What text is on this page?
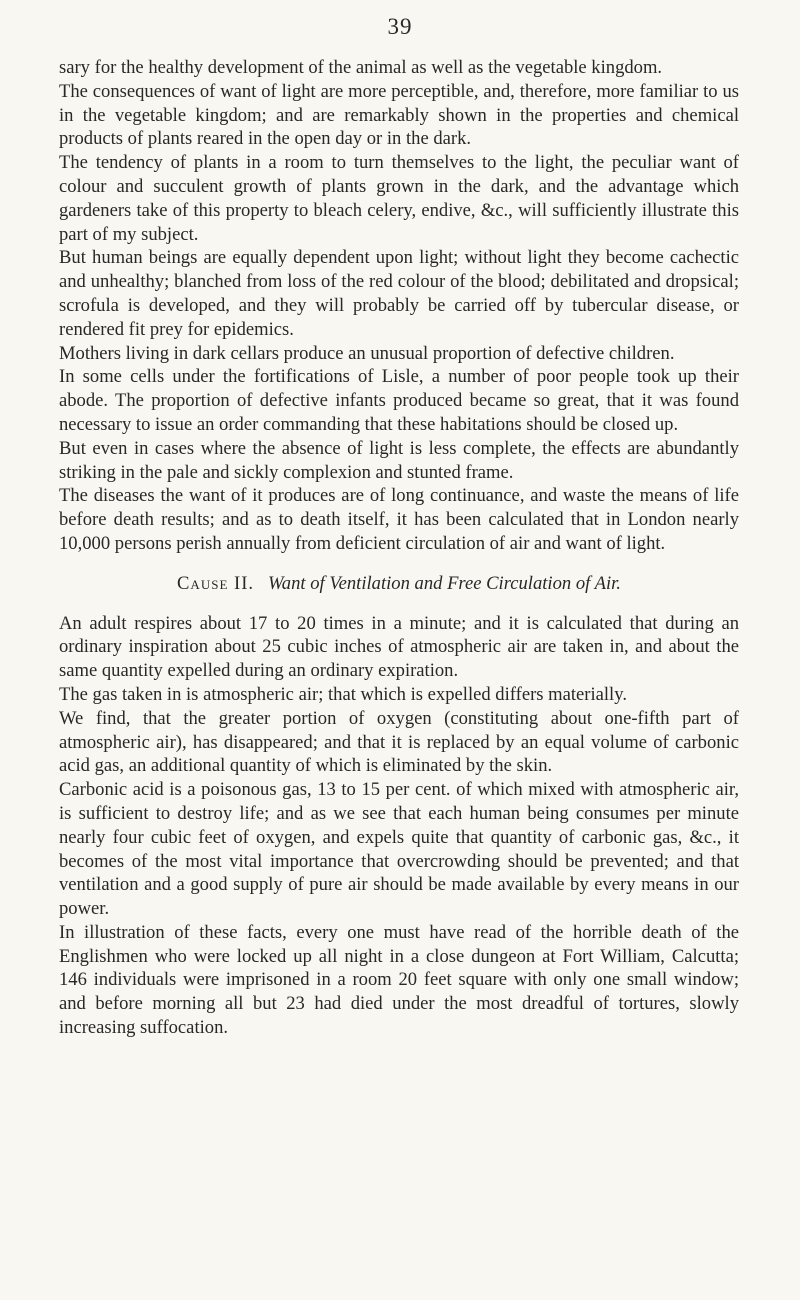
39

sary for the healthy development of the animal as well as the vegetable kingdom.

The consequences of want of light are more perceptible, and, therefore, more familiar to us in the vegetable kingdom; and are remarkably shown in the properties and chemical products of plants reared in the open day or in the dark.

The tendency of plants in a room to turn themselves to the light, the peculiar want of colour and succulent growth of plants grown in the dark, and the advantage which gardeners take of this property to bleach celery, endive, &c., will sufficiently illustrate this part of my subject.

But human beings are equally dependent upon light; without light they become cachectic and unhealthy; blanched from loss of the red colour of the blood; debilitated and dropsical; scrofula is developed, and they will probably be carried off by tubercular disease, or rendered fit prey for epidemics.

Mothers living in dark cellars produce an unusual proportion of defective children.

In some cells under the fortifications of Lisle, a number of poor people took up their abode. The proportion of defective infants produced became so great, that it was found necessary to issue an order commanding that these habitations should be closed up.

But even in cases where the absence of light is less complete, the effects are abundantly striking in the pale and sickly complexion and stunted frame.

The diseases the want of it produces are of long continuance, and waste the means of life before death results; and as to death itself, it has been calculated that in London nearly 10,000 persons perish annually from deficient circulation of air and want of light.

Cause II. Want of Ventilation and Free Circulation of Air.

An adult respires about 17 to 20 times in a minute; and it is calculated that during an ordinary inspiration about 25 cubic inches of atmospheric air are taken in, and about the same quantity expelled during an ordinary expiration.

The gas taken in is atmospheric air; that which is expelled differs materially.

We find, that the greater portion of oxygen (constituting about one-fifth part of atmospheric air), has disappeared; and that it is replaced by an equal volume of carbonic acid gas, an additional quantity of which is eliminated by the skin.

Carbonic acid is a poisonous gas, 13 to 15 per cent. of which mixed with atmospheric air, is sufficient to destroy life; and as we see that each human being consumes per minute nearly four cubic feet of oxygen, and expels quite that quantity of carbonic gas, &c., it becomes of the most vital importance that overcrowding should be prevented; and that ventilation and a good supply of pure air should be made available by every means in our power.

In illustration of these facts, every one must have read of the horrible death of the Englishmen who were locked up all night in a close dungeon at Fort William, Calcutta; 146 individuals were imprisoned in a room 20 feet square with only one small window; and before morning all but 23 had died under the most dreadful of tortures, slowly increasing suffocation.
